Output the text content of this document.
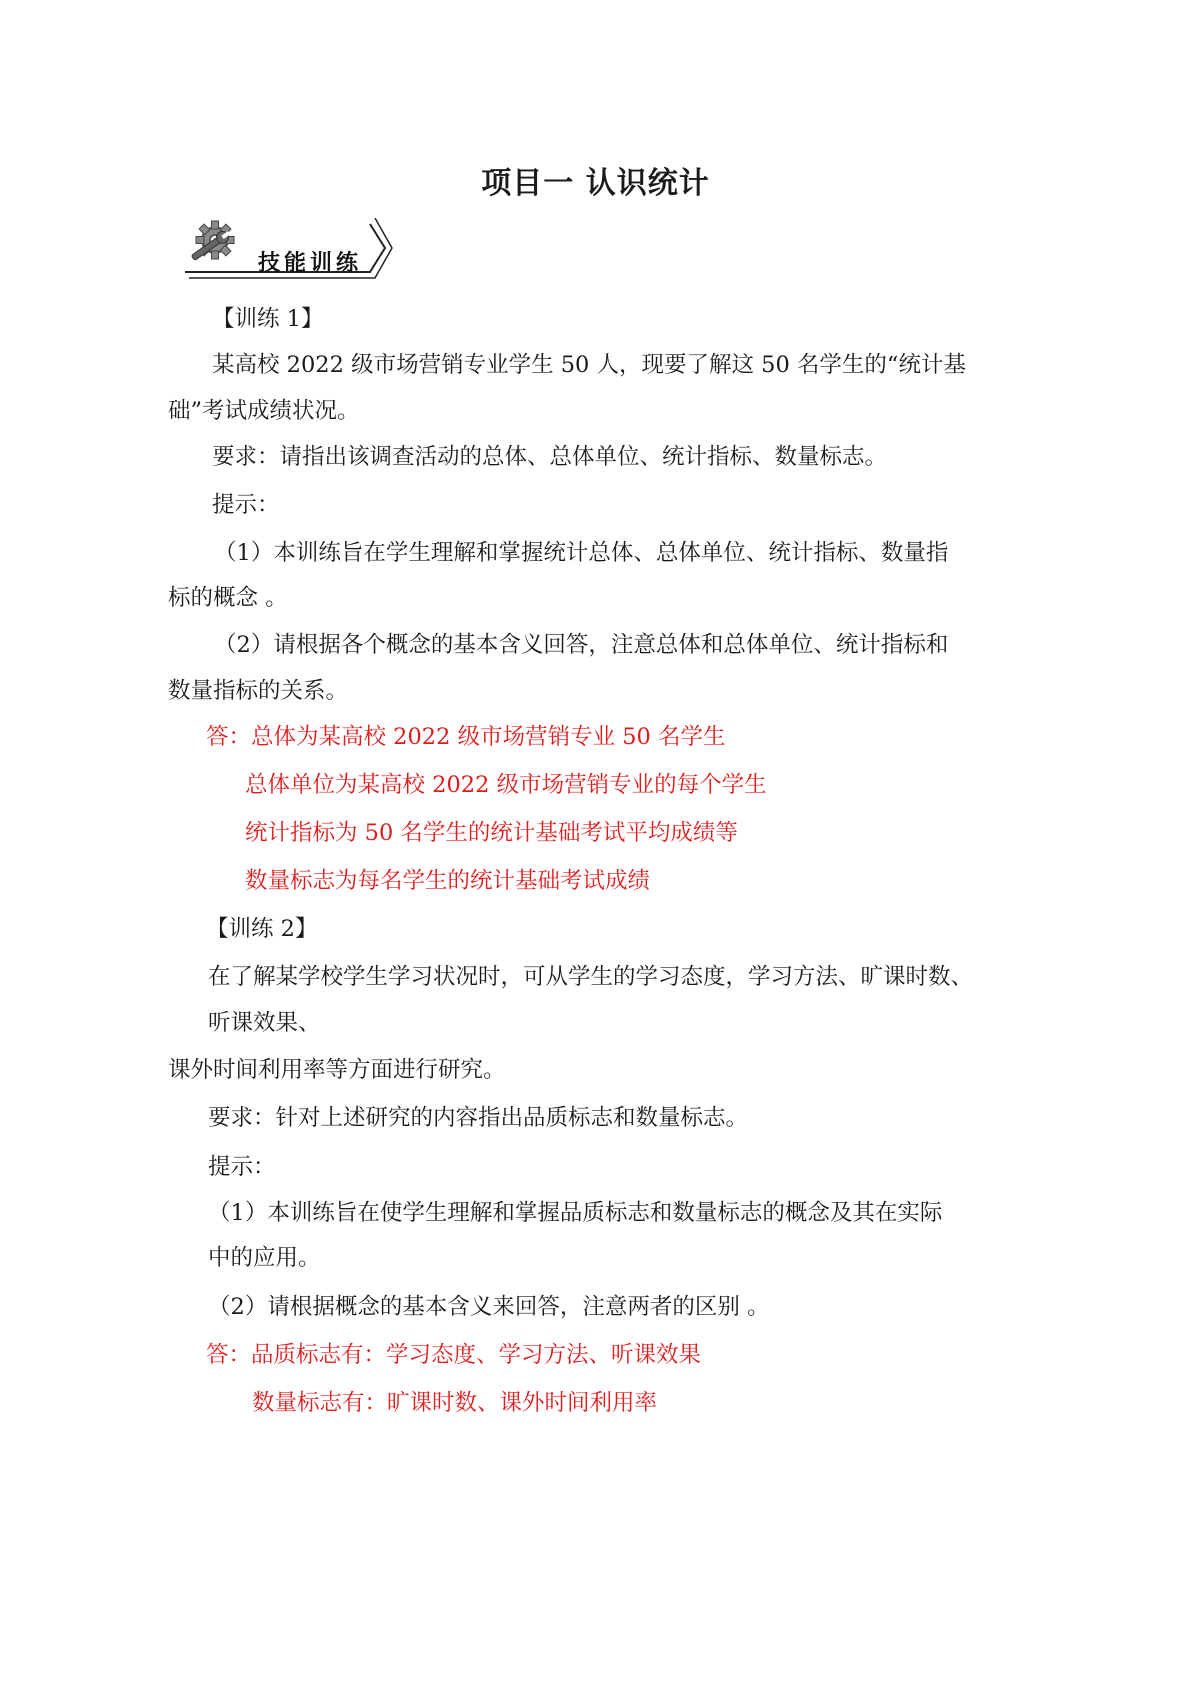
项目一 认识统计
技能训练
【训练 1】
某高校 2022 级市场营销专业学生 50 人，现要了解这 50 名学生的“统计基
础”考试成绩状况。
要求：请指出该调查活动的总体、总体单位、统计指标、数量标志。
提示：
（1）本训练旨在学生理解和掌握统计总体、总体单位、统计指标、数量指
标的概念 。
（2）请根据各个概念的基本含义回答，注意总体和总体单位、统计指标和
数量指标的关系。
答：总体为某高校 2022 级市场营销专业 50 名学生
总体单位为某高校 2022 级市场营销专业的每个学生
统计指标为 50 名学生的统计基础考试平均成绩等
数量标志为每名学生的统计基础考试成绩
【训练 2】
在了解某学校学生学习状况时，可从学生的学习态度，学习方法、旷课时数、
听课效果、
课外时间利用率等方面进行研究。
要求：针对上述研究的内容指出品质标志和数量标志。
提示：
（1）本训练旨在使学生理解和掌握品质标志和数量标志的概念及其在实际
中的应用。
（2）请根据概念的基本含义来回答，注意两者的区别 。
答：品质标志有：学习态度、学习方法、听课效果
数量标志有：旷课时数、课外时间利用率
